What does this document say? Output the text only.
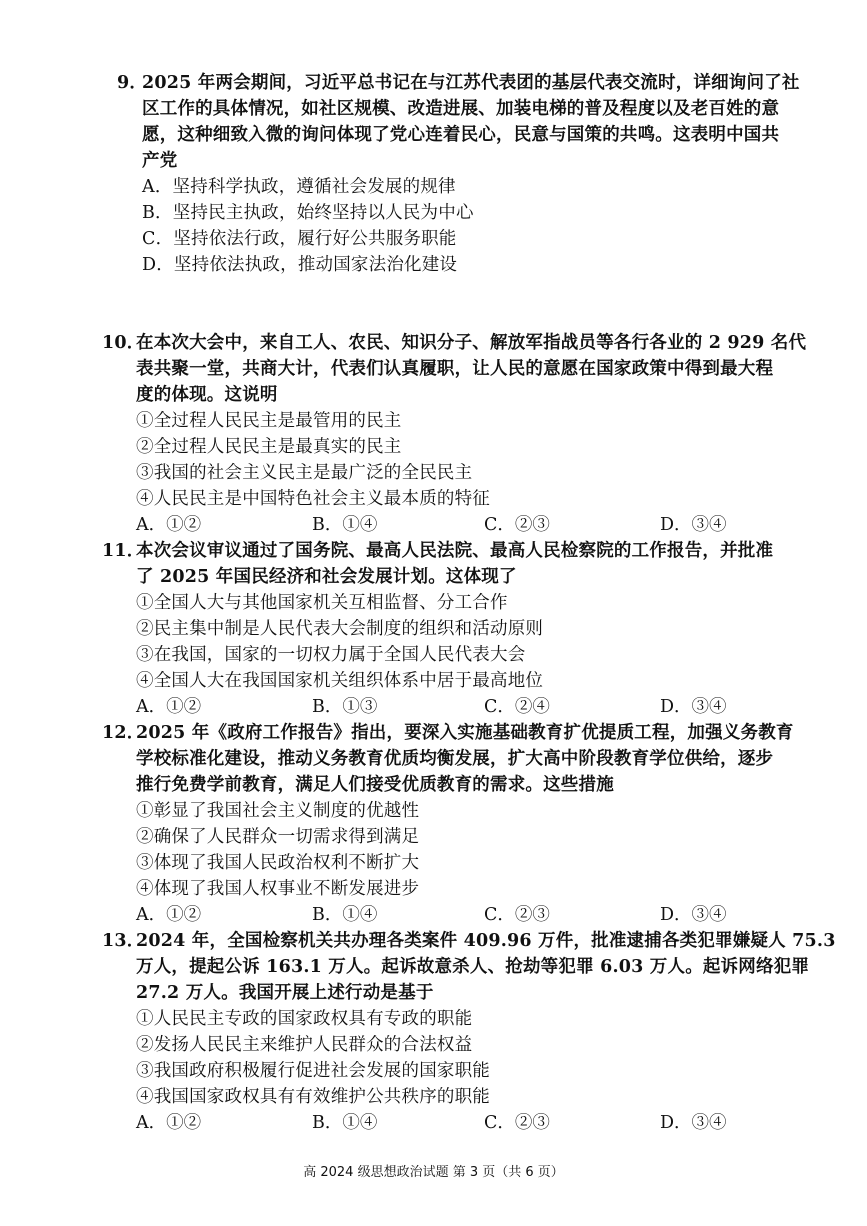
9．
2025 年两会期间，习近平总书记在与江苏代表团的基层代表交流时，详细询问了社
区工作的具体情况，如社区规模、改造进展、加装电梯的普及程度以及老百姓的意
愿，这种细致入微的询问体现了党心连着民心，民意与国策的共鸣。这表明中国共
产党
A．坚持科学执政，遵循社会发展的规律
B．坚持民主执政，始终坚持以人民为中心
C．坚持依法行政，履行好公共服务职能
D．坚持依法执政，推动国家法治化建设
10．
在本次大会中，来自工人、农民、知识分子、解放军指战员等各行各业的 2 929 名代
表共聚一堂，共商大计，代表们认真履职，让人民的意愿在国家政策中得到最大程
度的体现。这说明
①全过程人民民主是最管用的民主
②全过程人民民主是最真实的民主
③我国的社会主义民主是最广泛的全民民主
④人民民主是中国特色社会主义最本质的特征
A．①②	B．①④	C．②③	D．③④
11．
本次会议审议通过了国务院、最高人民法院、最高人民检察院的工作报告，并批准
了 2025 年国民经济和社会发展计划。这体现了
①全国人大与其他国家机关互相监督、分工合作
②民主集中制是人民代表大会制度的组织和活动原则
③在我国，国家的一切权力属于全国人民代表大会
④全国人大在我国国家机关组织体系中居于最高地位
A．①②	B．①③	C．②④	D．③④
12．
2025 年《政府工作报告》指出，要深入实施基础教育扩优提质工程，加强义务教育
学校标准化建设，推动义务教育优质均衡发展，扩大高中阶段教育学位供给，逐步
推行免费学前教育，满足人们接受优质教育的需求。这些措施
①彰显了我国社会主义制度的优越性
②确保了人民群众一切需求得到满足
③体现了我国人民政治权利不断扩大
④体现了我国人权事业不断发展进步
A．①②	B．①④	C．②③	D．③④
13．
2024 年，全国检察机关共办理各类案件 409.96 万件，批准逮捕各类犯罪嫌疑人 75.3
万人，提起公诉 163.1 万人。起诉故意杀人、抢劫等犯罪 6.03 万人。起诉网络犯罪
27.2 万人。我国开展上述行动是基于
①人民民主专政的国家政权具有专政的职能
②发扬人民民主来维护人民群众的合法权益
③我国政府积极履行促进社会发展的国家职能
④我国国家政权具有有效维护公共秩序的职能
A．①②	B．①④	C．②③	D．③④
高 2024 级思想政治试题 第 3 页（共 6 页）
